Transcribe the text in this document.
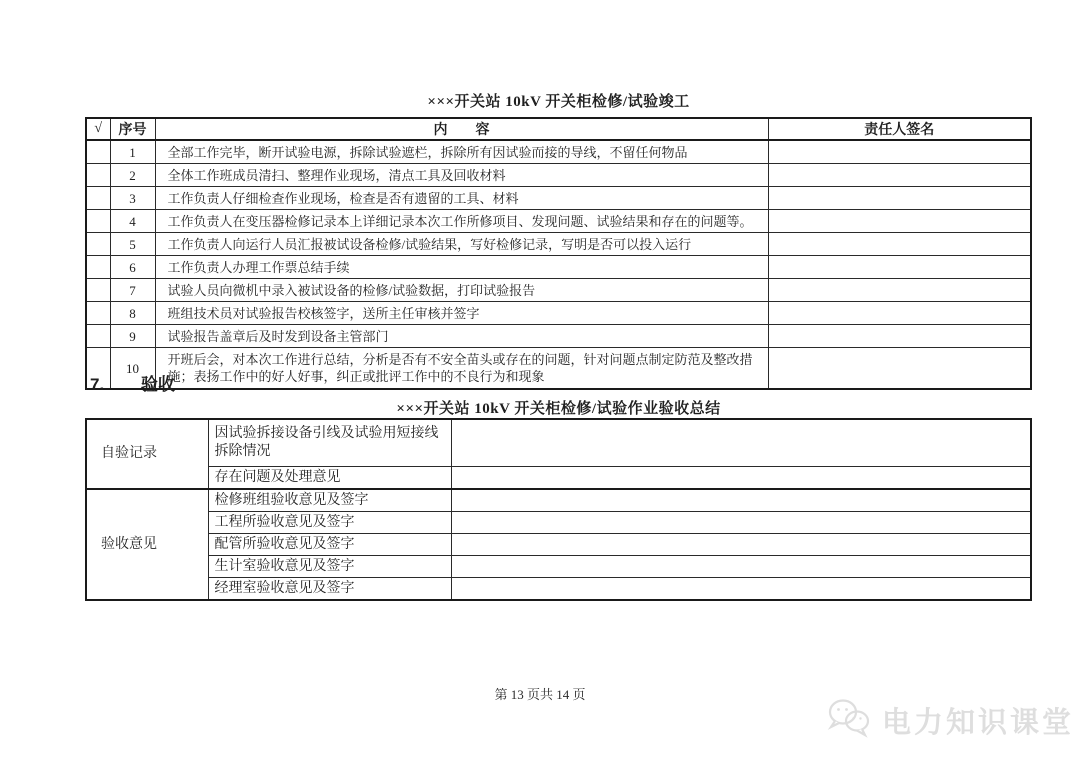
×××开关站 10kV 开关柜检修/试验竣工
√	序号	内　　容	责任人签名
	1	全部工作完毕，断开试验电源，拆除试验遮栏，拆除所有因试验而接的导线，不留任何物品	
	2	全体工作班成员清扫、整理作业现场，清点工具及回收材料	
	3	工作负责人仔细检查作业现场，检查是否有遗留的工具、材料	
	4	工作负责人在变压器检修记录本上详细记录本次工作所修项目、发现问题、试验结果和存在的问题等。	
	5	工作负责人向运行人员汇报被试设备检修/试验结果，写好检修记录，写明是否可以投入运行	
	6	工作负责人办理工作票总结手续	
	7	试验人员向微机中录入被试设备的检修/试验数据，打印试验报告	
	8	班组技术员对试验报告校核签字，送所主任审核并签字	
	9	试验报告盖章后及时发到设备主管部门	
	10	开班后会，对本次工作进行总结，分析是否有不安全苗头或存在的问题，针对问题点制定防范及整改措施；表扬工作中的好人好事，纠正或批评工作中的不良行为和现象	
7. 验收
×××开关站 10kV 开关柜检修/试验作业验收总结
自验记录	因试验拆接设备引线及试验用短接线拆除情况	
	存在问题及处理意见	
验收意见	检修班组验收意见及签字	
	工程所验收意见及签字	
	配管所验收意见及签字	
	生计室验收意见及签字	
	经理室验收意见及签字	
第 13 页共 14 页
电力知识课堂
